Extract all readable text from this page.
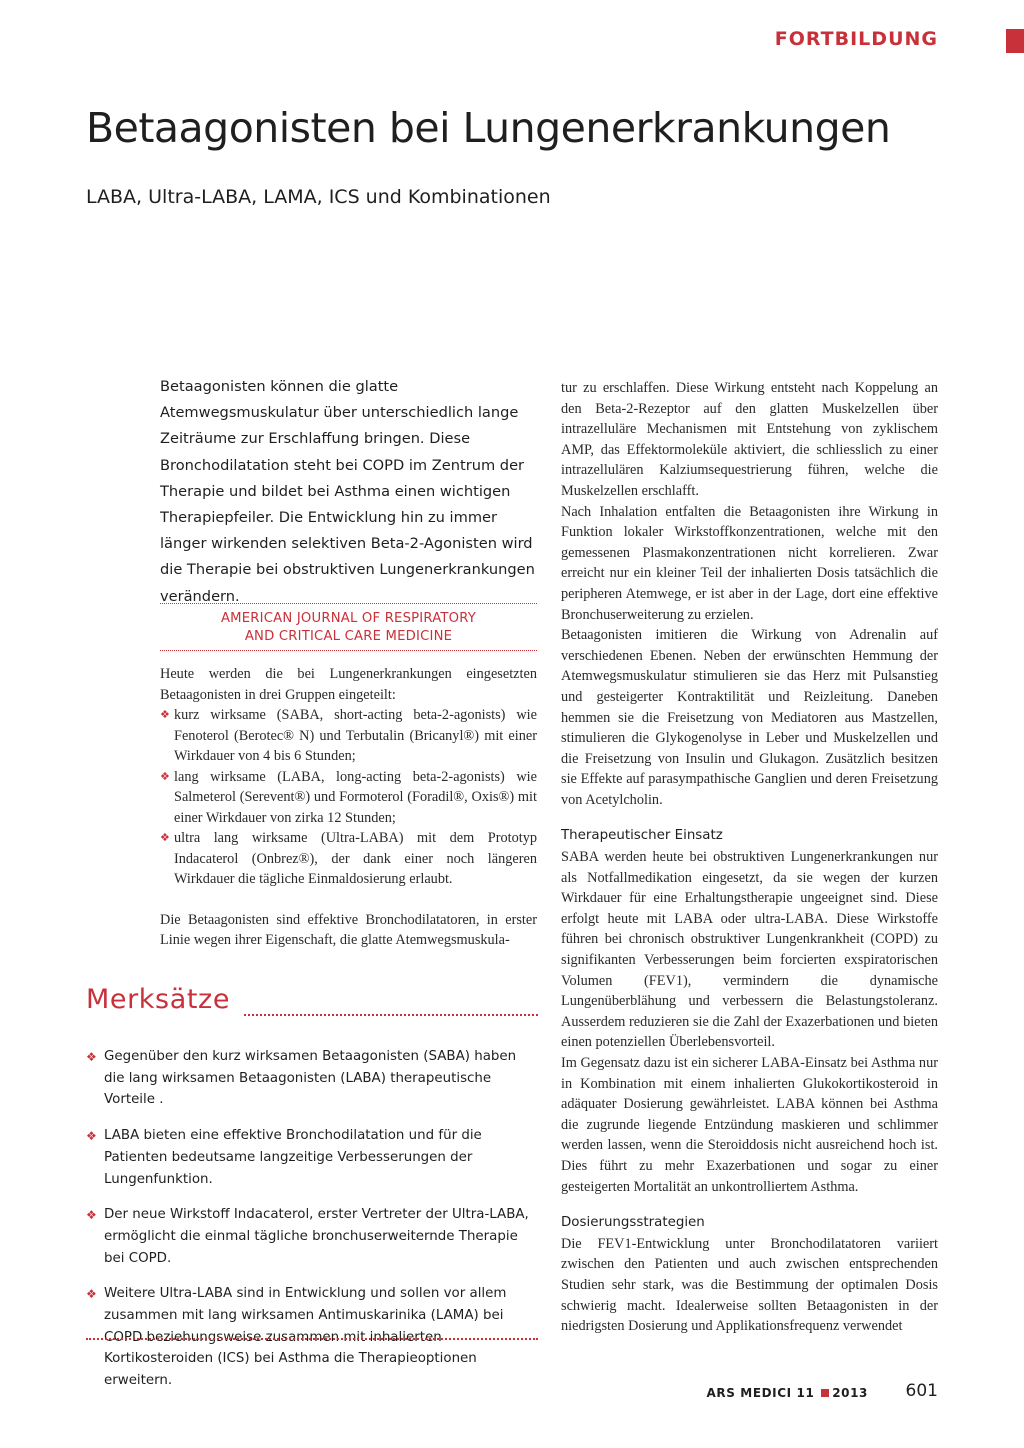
FORTBILDUNG
Betaagonisten bei Lungenerkrankungen
LABA, Ultra-LABA, LAMA, ICS und Kombinationen

Betaagonisten können die glatte Atemwegsmuskulatur über unterschiedlich lange Zeiträume zur Erschlaffung bringen. Diese Bronchodilatation steht bei COPD im Zentrum der Therapie und bildet bei Asthma einen wichtigen Therapiepfeiler. Die Entwicklung hin zu immer länger wirkenden selektiven Beta-2-Agonisten wird die Therapie bei obstruktiven Lungenerkrankungen verändern.

AMERICAN JOURNAL OF RESPIRATORY
AND CRITICAL CARE MEDICINE

Heute werden die bei Lungenerkrankungen eingesetzten Betaagonisten in drei Gruppen eingeteilt:

❖ kurz wirksame (SABA, short-acting beta-2-agonists) wie Fenoterol (Berotec® N) und Terbutalin (Bricanyl®) mit einer Wirkdauer von 4 bis 6 Stunden;
❖ lang wirksame (LABA, long-acting beta-2-agonists) wie Salmeterol (Serevent®) und Formoterol (Foradil®, Oxis®) mit einer Wirkdauer von zirka 12 Stunden;
❖ ultra lang wirksame (Ultra-LABA) mit dem Prototyp Indacaterol (Onbrez®), der dank einer noch längeren Wirkdauer die tägliche Einmaldosierung erlaubt.

Die Betaagonisten sind effektive Bronchodilatatoren, in erster Linie wegen ihrer Eigenschaft, die glatte Atemwegsmuskula-

Merksätze
❖ Gegenüber den kurz wirksamen Betaagonisten (SABA) haben die lang wirksamen Betaagonisten (LABA) therapeutische Vorteile .
❖ LABA bieten eine effektive Bronchodilatation und für die Patienten bedeutsame langzeitige Verbesserungen der Lungenfunktion.
❖ Der neue Wirkstoff Indacaterol, erster Vertreter der Ultra-LABA, ermöglicht die einmal tägliche bronchuserweiternde Therapie bei COPD.
❖ Weitere Ultra-LABA sind in Entwicklung und sollen vor allem zusammen mit lang wirksamen Antimuskarinika (LAMA) bei COPD beziehungsweise zusammen mit inhalierten Kortikosteroiden (ICS) bei Asthma die Therapieoptionen erweitern.

tur zu erschlaffen. Diese Wirkung entsteht nach Koppelung an den Beta-2-Rezeptor auf den glatten Muskelzellen über intrazelluläre Mechanismen mit Entstehung von zyklischem AMP, das Effektormoleküle aktiviert, die schliesslich zu einer intrazellulären Kalziumsequestrierung führen, welche die Muskelzellen erschlafft.

Nach Inhalation entfalten die Betaagonisten ihre Wirkung in Funktion lokaler Wirkstoffkonzentrationen, welche mit den gemessenen Plasmakonzentrationen nicht korrelieren. Zwar erreicht nur ein kleiner Teil der inhalierten Dosis tatsächlich die peripheren Atemwege, er ist aber in der Lage, dort eine effektive Bronchuserweiterung zu erzielen.

Betaagonisten imitieren die Wirkung von Adrenalin auf verschiedenen Ebenen. Neben der erwünschten Hemmung der Atemwegsmuskulatur stimulieren sie das Herz mit Pulsanstieg und gesteigerter Kontraktilität und Reizleitung. Daneben hemmen sie die Freisetzung von Mediatoren aus Mastzellen, stimulieren die Glykogenolyse in Leber und Muskelzellen und die Freisetzung von Insulin und Glukagon. Zusätzlich besitzen sie Effekte auf parasympathische Ganglien und deren Freisetzung von Acetylcholin.

Therapeutischer Einsatz

SABA werden heute bei obstruktiven Lungenerkrankungen nur als Notfallmedikation eingesetzt, da sie wegen der kurzen Wirkdauer für eine Erhaltungstherapie ungeeignet sind. Diese erfolgt heute mit LABA oder ultra-LABA. Diese Wirkstoffe führen bei chronisch obstruktiver Lungenkrankheit (COPD) zu signifikanten Verbesserungen beim forcierten exspiratorischen Volumen (FEV1), vermindern die dynamische Lungenüberblähung und verbessern die Belastungstoleranz. Ausserdem reduzieren sie die Zahl der Exazerbationen und bieten einen potenziellen Überlebensvorteil.

Im Gegensatz dazu ist ein sicherer LABA-Einsatz bei Asthma nur in Kombination mit einem inhalierten Glukokortikosteroid in adäquater Dosierung gewährleistet. LABA können bei Asthma die zugrunde liegende Entzündung maskieren und schlimmer werden lassen, wenn die Steroiddosis nicht ausreichend hoch ist. Dies führt zu mehr Exazerbationen und sogar zu einer gesteigerten Mortalität an unkontrolliertem Asthma.

Dosierungsstrategien

Die FEV1-Entwicklung unter Bronchodilatatoren variiert zwischen den Patienten und auch zwischen entsprechenden Studien sehr stark, was die Bestimmung der optimalen Dosis schwierig macht. Idealerweise sollten Betaagonisten in der niedrigsten Dosierung und Applikationsfrequenz verwendet

ARS MEDICI 11 2013 601
